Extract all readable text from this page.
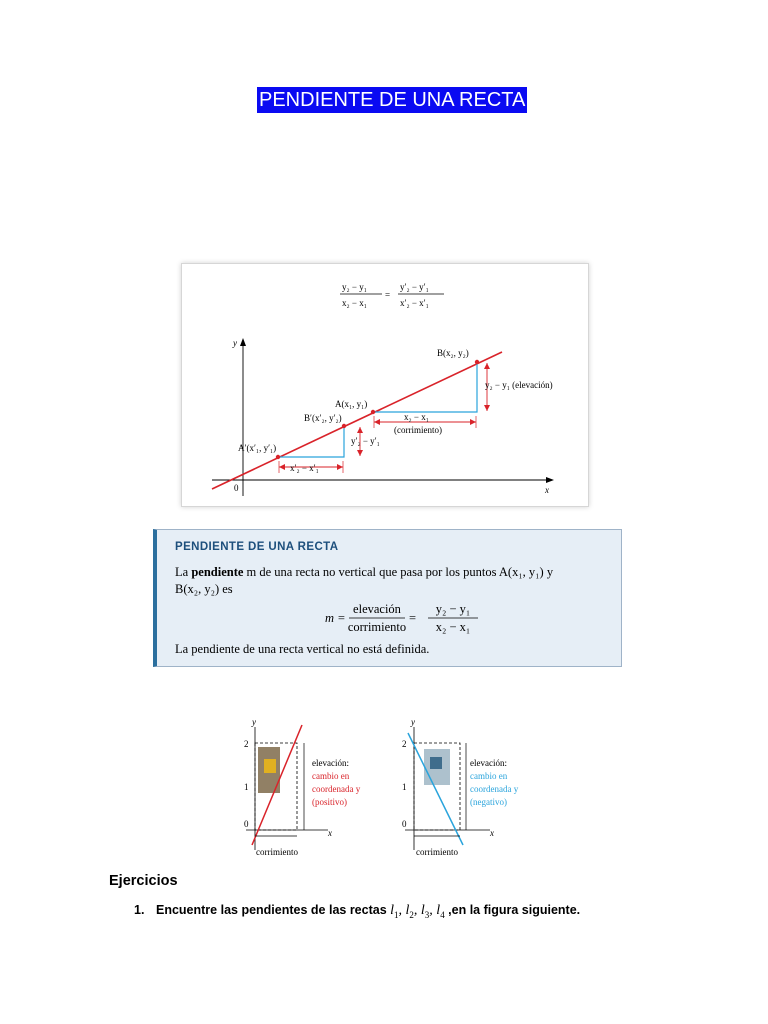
PENDIENTE DE UNA RECTA
y₂ − y₁
x₂ − x₁
=
y′₂ − y′₁
x′₂ − x′₁
y
x
0
A′(x′₁, y′₁)
B′(x′₂, y′₂)
A(x₁, y₁)
B(x₂, y₂)
y₂ − y₁ (elevación)
x₂ − x₁
(corrimiento)
y′₂ − y′₁
x′₂ − x′₁
PENDIENTE DE UNA RECTA
La pendiente m de una recta no vertical que pasa por los puntos A(x₁, y₁) y
B(x₂, y₂) es
m =
elevación
corrimiento
=
y₂ − y₁
x₂ − x₁
La pendiente de una recta vertical no está definida.
y
x
2
1
0
elevación:
cambio en
coordenada y
(positivo)
corrimiento
y
x
2
1
0
elevación:
cambio en
coordenada y
(negativo)
corrimiento
Ejercicios
1. Encuentre las pendientes de las rectas $l_1$, $l_2$, $l_3$, $l_4$ ,en la figura siguiente.
